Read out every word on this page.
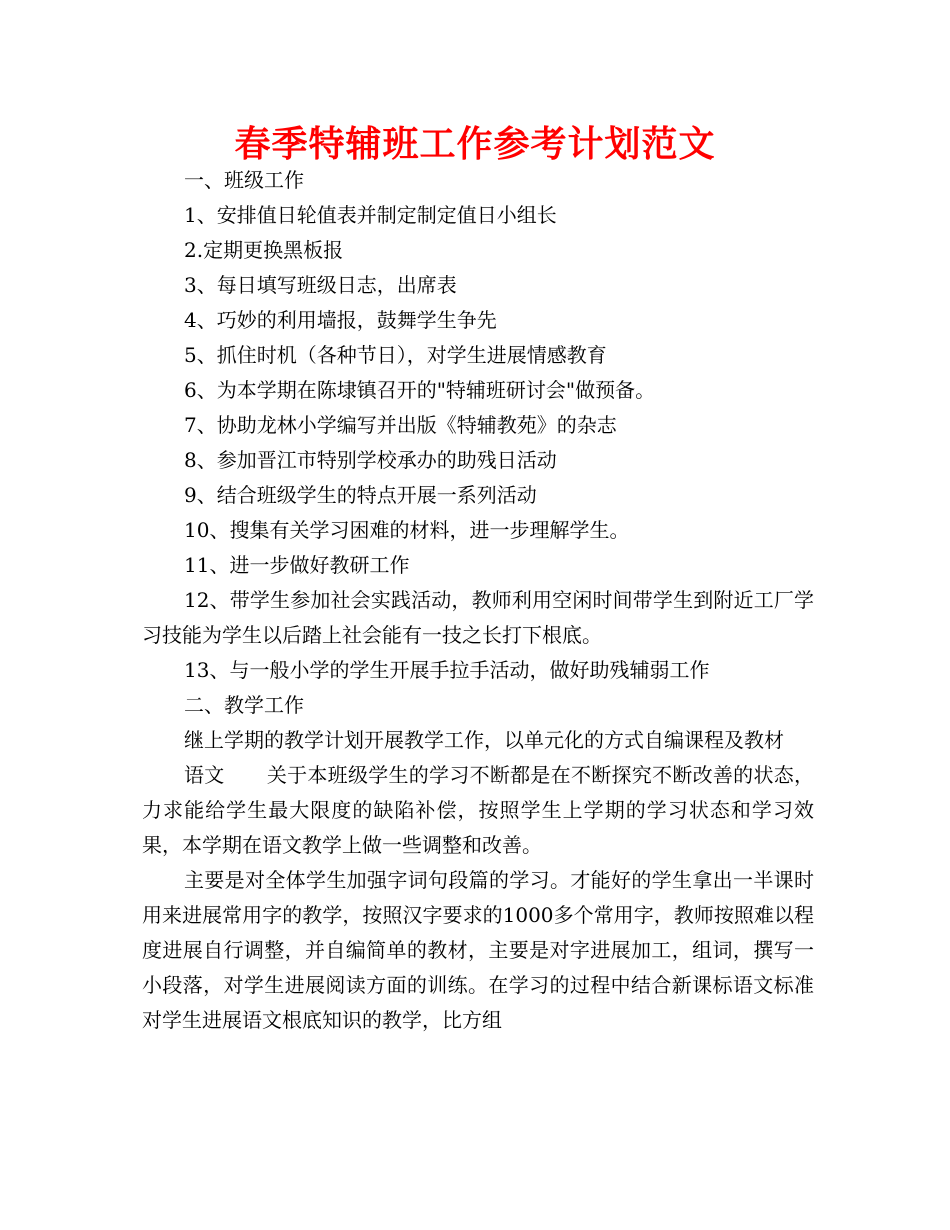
春季特辅班工作参考计划范文

一、班级工作

1、安排值日轮值表并制定制定值日小组长

2.定期更换黑板报

3、每日填写班级日志，出席表

4、巧妙的利用墙报，鼓舞学生争先

5、抓住时机（各种节日），对学生进展情感教育

6、为本学期在陈埭镇召开的"特辅班研讨会"做预备。

7、协助龙林小学编写并出版《特辅教苑》的杂志

8、参加晋江市特别学校承办的助残日活动

9、结合班级学生的特点开展一系列活动

10、搜集有关学习困难的材料，进一步理解学生。

11、进一步做好教研工作

12、带学生参加社会实践活动，教师利用空闲时间带学生到附近工厂学习技能为学生以后踏上社会能有一技之长打下根底。

13、与一般小学的学生开展手拉手活动，做好助残辅弱工作

二、教学工作

继上学期的教学计划开展教学工作，以单元化的方式自编课程及教材

语文 关于本班级学生的学习不断都是在不断探究不断改善的状态，力求能给学生最大限度的缺陷补偿，按照学生上学期的学习状态和学习效果，本学期在语文教学上做一些调整和改善。

主要是对全体学生加强字词句段篇的学习。才能好的学生拿出一半课时用来进展常用字的教学，按照汉字要求的1000多个常用字，教师按照难以程度进展自行调整，并自编简单的教材，主要是对字进展加工，组词，撰写一小段落，对学生进展阅读方面的训练。在学习的过程中结合新课标语文标准对学生进展语文根底知识的教学，比方组
